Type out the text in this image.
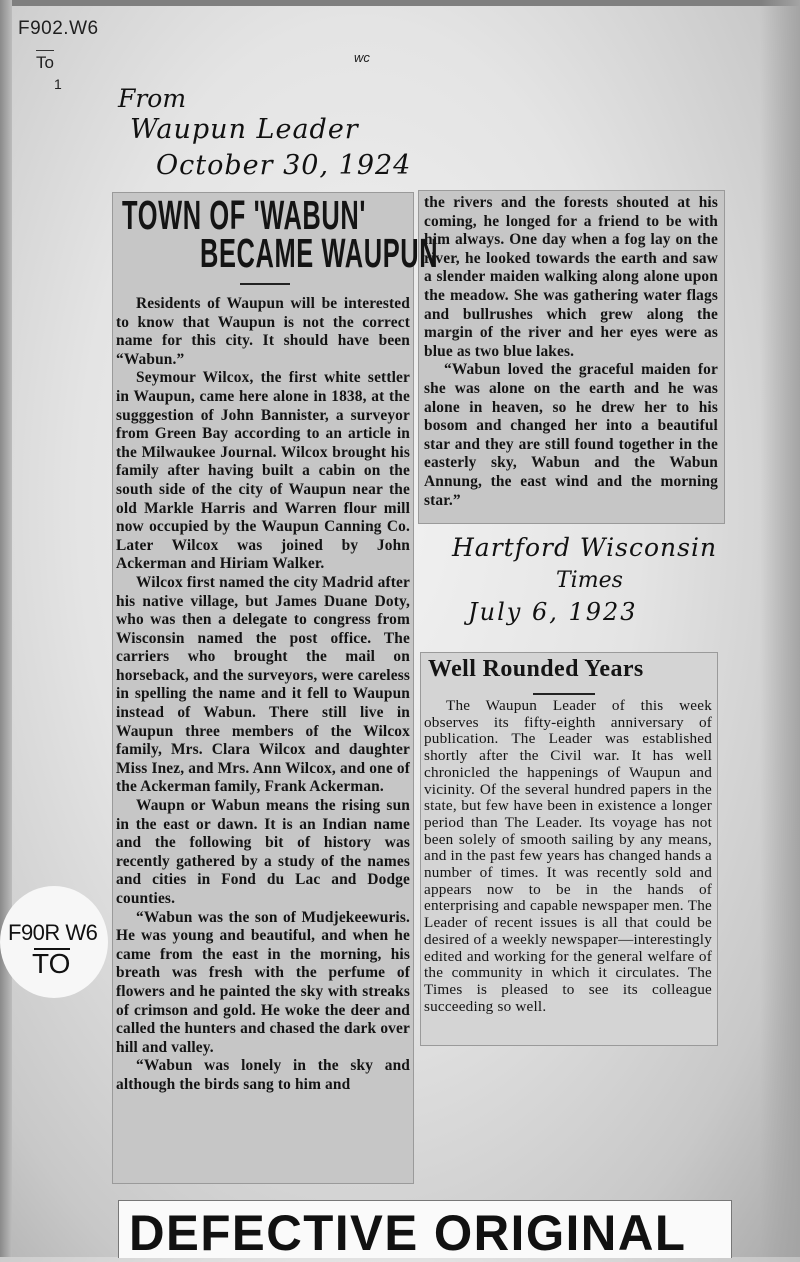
F902.W6
To
1
wc
From
Waupun Leader
October 30, 1924
TOWN OF 'WABUN'
BECAME WAUPUN

Residents of Waupun will be interested to know that Waupun is not the correct name for this city. It should have been “Wabun.”

Seymour Wilcox, the first white settler in Waupun, came here alone in 1838, at the sugggestion of John Bannister, a surveyor from Green Bay according to an article in the Milwaukee Journal. Wilcox brought his family after having built a cabin on the south side of the city of Waupun near the old Markle Harris and Warren flour mill now occupied by the Waupun Canning Co. Later Wilcox was joined by John Ackerman and Hiriam Walker.

Wilcox first named the city Madrid after his native village, but James Duane Doty, who was then a delegate to congress from Wisconsin named the post office. The carriers who brought the mail on horseback, and the surveyors, were careless in spelling the name and it fell to Waupun instead of Wabun. There still live in Waupun three members of the Wilcox family, Mrs. Clara Wilcox and daughter Miss Inez, and Mrs. Ann Wilcox, and one of the Ackerman family, Frank Ackerman.

Waupn or Wabun means the rising sun in the east or dawn. It is an Indian name and the following bit of history was recently gathered by a study of the names and cities in Fond du Lac and Dodge counties.

“Wabun was the son of Mudjekeewuris. He was young and beautiful, and when he came from the east in the morning, his breath was fresh with the perfume of flowers and he painted the sky with streaks of crimson and gold. He woke the deer and called the hunters and chased the dark over hill and valley.

“Wabun was lonely in the sky and although the birds sang to him and

the rivers and the forests shouted at his coming, he longed for a friend to be with him always. One day when a fog lay on the river, he looked towards the earth and saw a slender maiden walking along alone upon the meadow. She was gathering water flags and bullrushes which grew along the margin of the river and her eyes were as blue as two blue lakes.

“Wabun loved the graceful maiden for she was alone on the earth and he was alone in heaven, so he drew her to his bosom and changed her into a beautiful star and they are still found together in the easterly sky, Wabun and the Wabun Annung, the east wind and the morning star.”

Hartford Wisconsin
Times
July 6, 1923
Well Rounded Years

The Waupun Leader of this week observes its fifty-eighth anniversary of publication. The Leader was established shortly after the Civil war. It has well chronicled the happenings of Waupun and vicinity. Of the several hundred papers in the state, but few have been in existence a longer period than The Leader. Its voyage has not been solely of smooth sailing by any means, and in the past few years has changed hands a number of times. It was recently sold and appears now to be in the hands of enterprising and capable newspaper men. The Leader of recent issues is all that could be desired of a weekly newspaper—interestingly edited and working for the general welfare of the community in which it circulates. The Times is pleased to see its colleague succeeding so well.

F90R W6
TO
DEFECTIVE ORIGINAL
